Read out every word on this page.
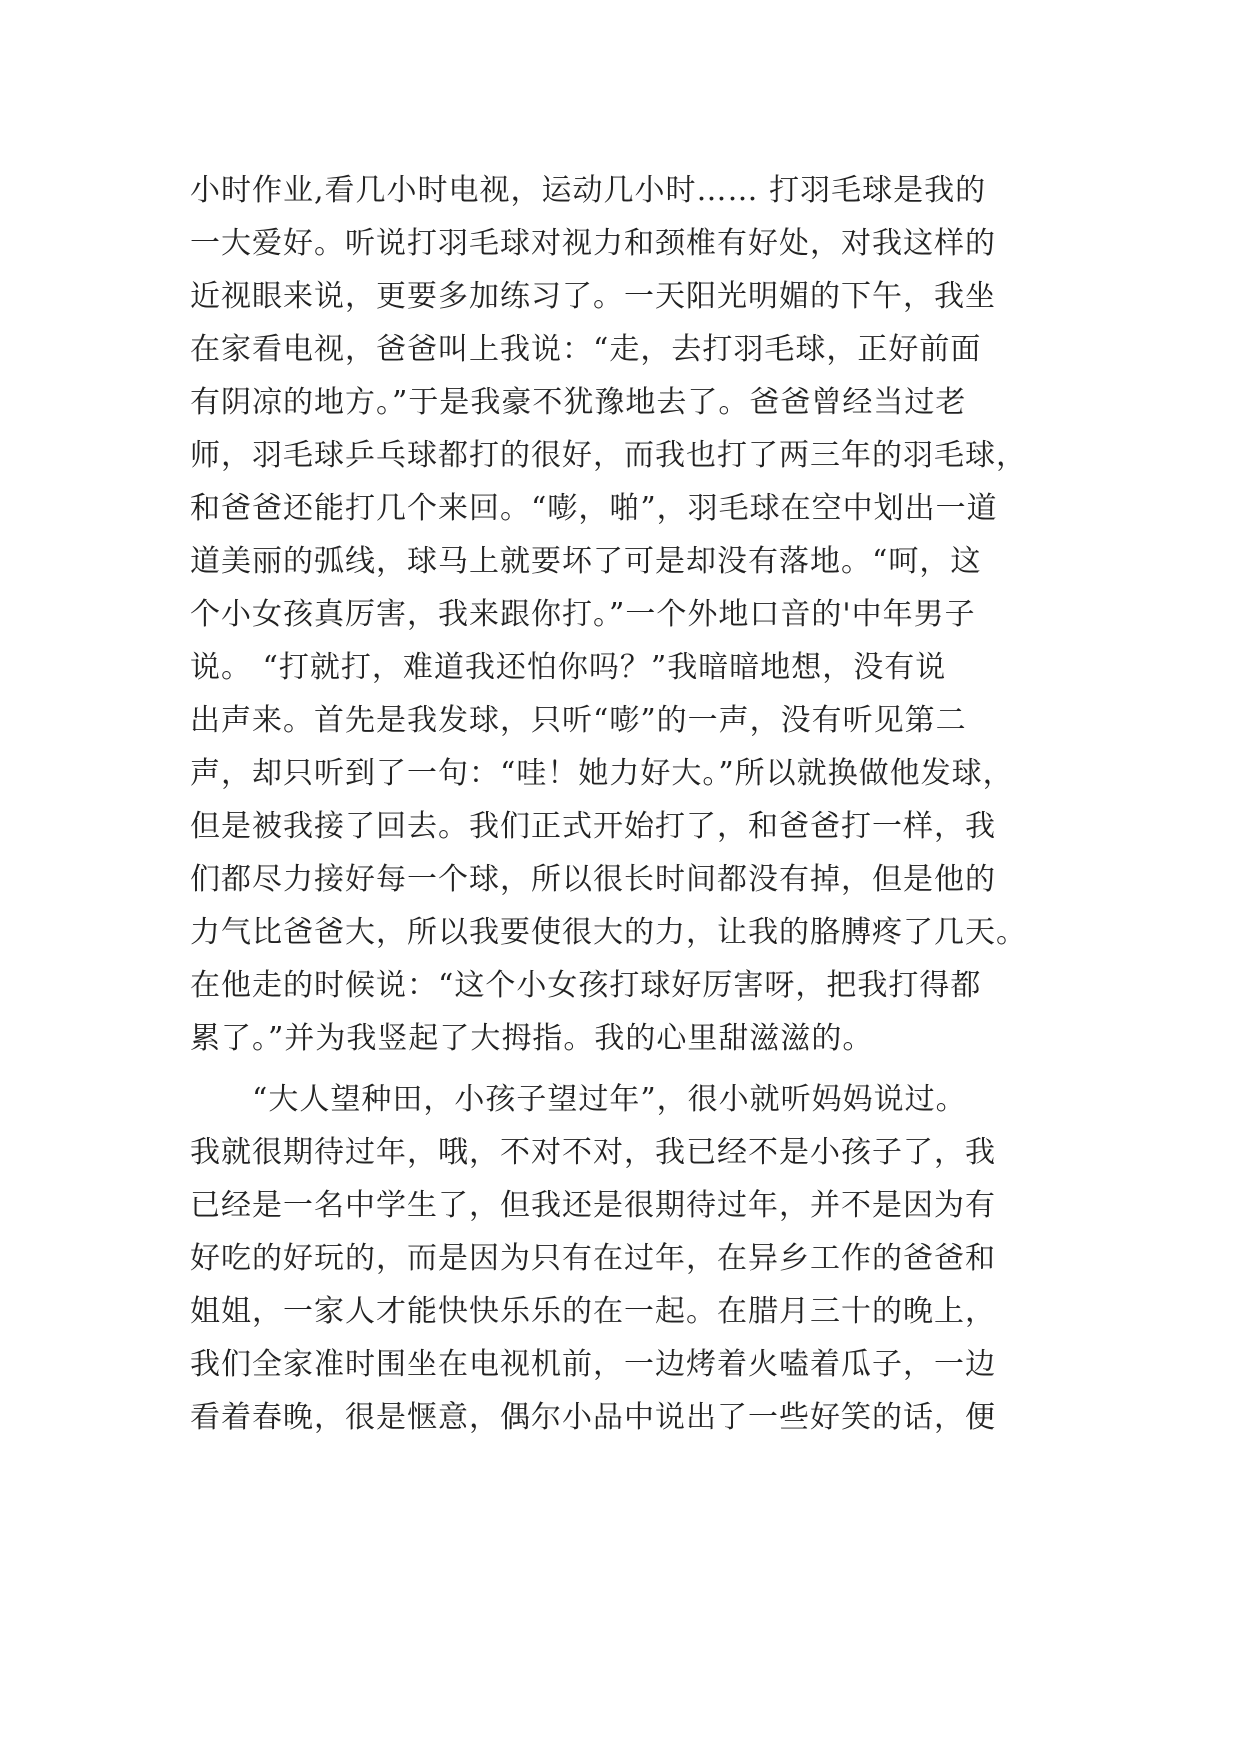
小时作业,看几小时电视，运动几小时…… 打羽毛球是我的
一大爱好。听说打羽毛球对视力和颈椎有好处，对我这样的
近视眼来说，更要多加练习了。一天阳光明媚的下午，我坐
在家看电视，爸爸叫上我说：“走，去打羽毛球，正好前面
有阴凉的地方。”于是我豪不犹豫地去了。爸爸曾经当过老
师，羽毛球乒乓球都打的很好，而我也打了两三年的羽毛球，
和爸爸还能打几个来回。“嘭，啪”，羽毛球在空中划出一道
道美丽的弧线，球马上就要坏了可是却没有落地。“呵，这
个小女孩真厉害，我来跟你打。”一个外地口音的'中年男子
说。 “打就打，难道我还怕你吗？”我暗暗地想，没有说
出声来。首先是我发球，只听“嘭”的一声，没有听见第二
声，却只听到了一句：“哇！她力好大。”所以就换做他发球，
但是被我接了回去。我们正式开始打了，和爸爸打一样，我
们都尽力接好每一个球，所以很长时间都没有掉，但是他的
力气比爸爸大，所以我要使很大的力，让我的胳膊疼了几天。
在他走的时候说：“这个小女孩打球好厉害呀，把我打得都
累了。”并为我竖起了大拇指。我的心里甜滋滋的。
　　“大人望种田，小孩子望过年”，很小就听妈妈说过。
我就很期待过年，哦，不对不对，我已经不是小孩子了，我
已经是一名中学生了，但我还是很期待过年，并不是因为有
好吃的好玩的，而是因为只有在过年，在异乡工作的爸爸和
姐姐，一家人才能快快乐乐的在一起。在腊月三十的晚上，
我们全家准时围坐在电视机前，一边烤着火嗑着瓜子，一边
看着春晚，很是惬意，偶尔小品中说出了一些好笑的话，便
